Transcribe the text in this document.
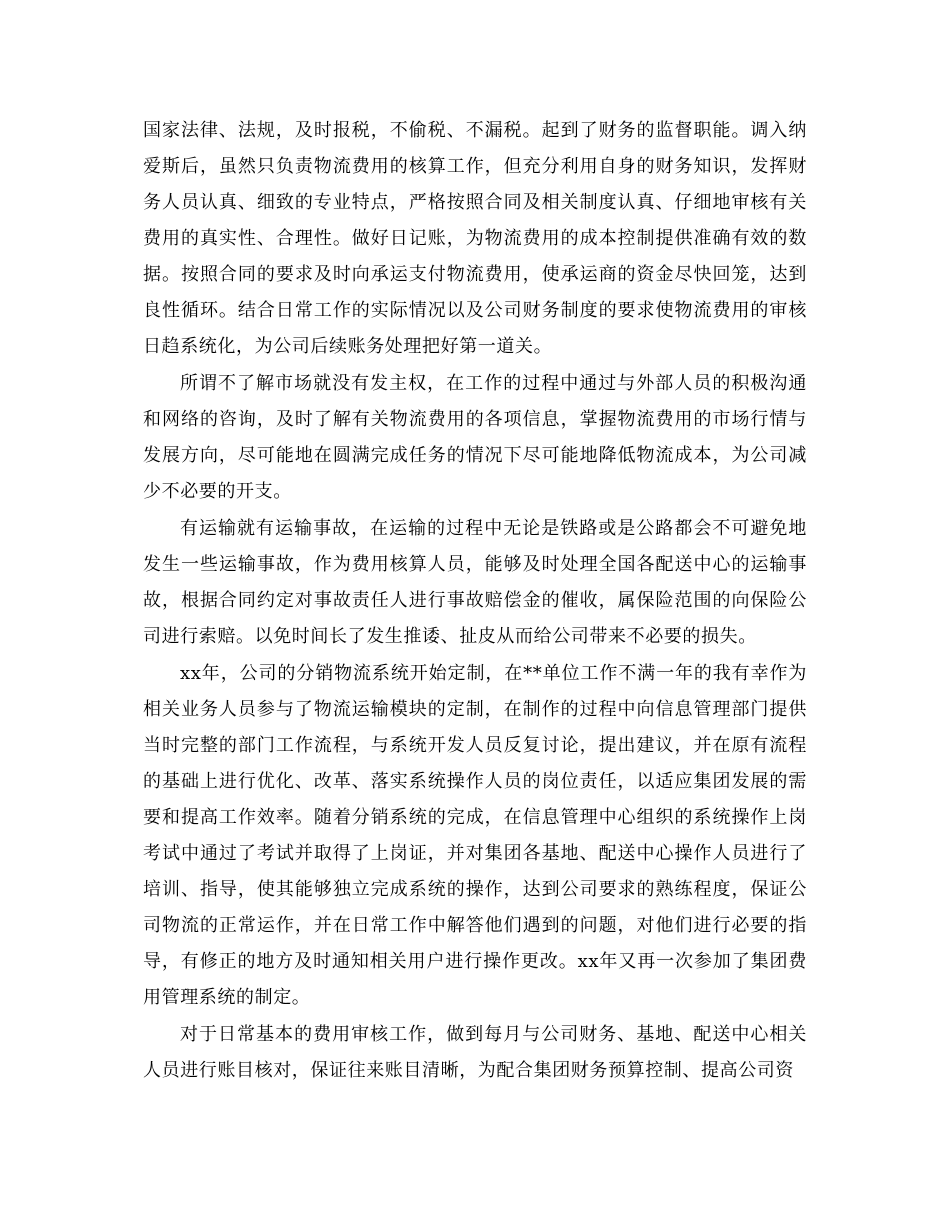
国家法律、法规，及时报税，不偷税、不漏税。起到了财务的监督职能。调入纳爱斯后，虽然只负责物流费用的核算工作，但充分利用自身的财务知识，发挥财务人员认真、细致的专业特点，严格按照合同及相关制度认真、仔细地审核有关费用的真实性、合理性。做好日记账，为物流费用的成本控制提供准确有效的数据。按照合同的要求及时向承运支付物流费用，使承运商的资金尽快回笼，达到良性循环。结合日常工作的实际情况以及公司财务制度的要求使物流费用的审核日趋系统化，为公司后续账务处理把好第一道关。

所谓不了解市场就没有发主权，在工作的过程中通过与外部人员的积极沟通和网络的咨询，及时了解有关物流费用的各项信息，掌握物流费用的市场行情与发展方向，尽可能地在圆满完成任务的情况下尽可能地降低物流成本，为公司减少不必要的开支。

有运输就有运输事故，在运输的过程中无论是铁路或是公路都会不可避免地发生一些运输事故，作为费用核算人员，能够及时处理全国各配送中心的运输事故，根据合同约定对事故责任人进行事故赔偿金的催收，属保险范围的向保险公司进行索赔。以免时间长了发生推诿、扯皮从而给公司带来不必要的损失。

xx年，公司的分销物流系统开始定制，在**单位工作不满一年的我有幸作为相关业务人员参与了物流运输模块的定制，在制作的过程中向信息管理部门提供当时完整的部门工作流程，与系统开发人员反复讨论，提出建议，并在原有流程的基础上进行优化、改革、落实系统操作人员的岗位责任，以适应集团发展的需要和提高工作效率。随着分销系统的完成，在信息管理中心组织的系统操作上岗考试中通过了考试并取得了上岗证，并对集团各基地、配送中心操作人员进行了培训、指导，使其能够独立完成系统的操作，达到公司要求的熟练程度，保证公司物流的正常运作，并在日常工作中解答他们遇到的问题，对他们进行必要的指导，有修正的地方及时通知相关用户进行操作更改。xx年又再一次参加了集团费用管理系统的制定。

对于日常基本的费用审核工作，做到每月与公司财务、基地、配送中心相关人员进行账目核对，保证往来账目清晰，为配合集团财务预算控制、提高公司资
